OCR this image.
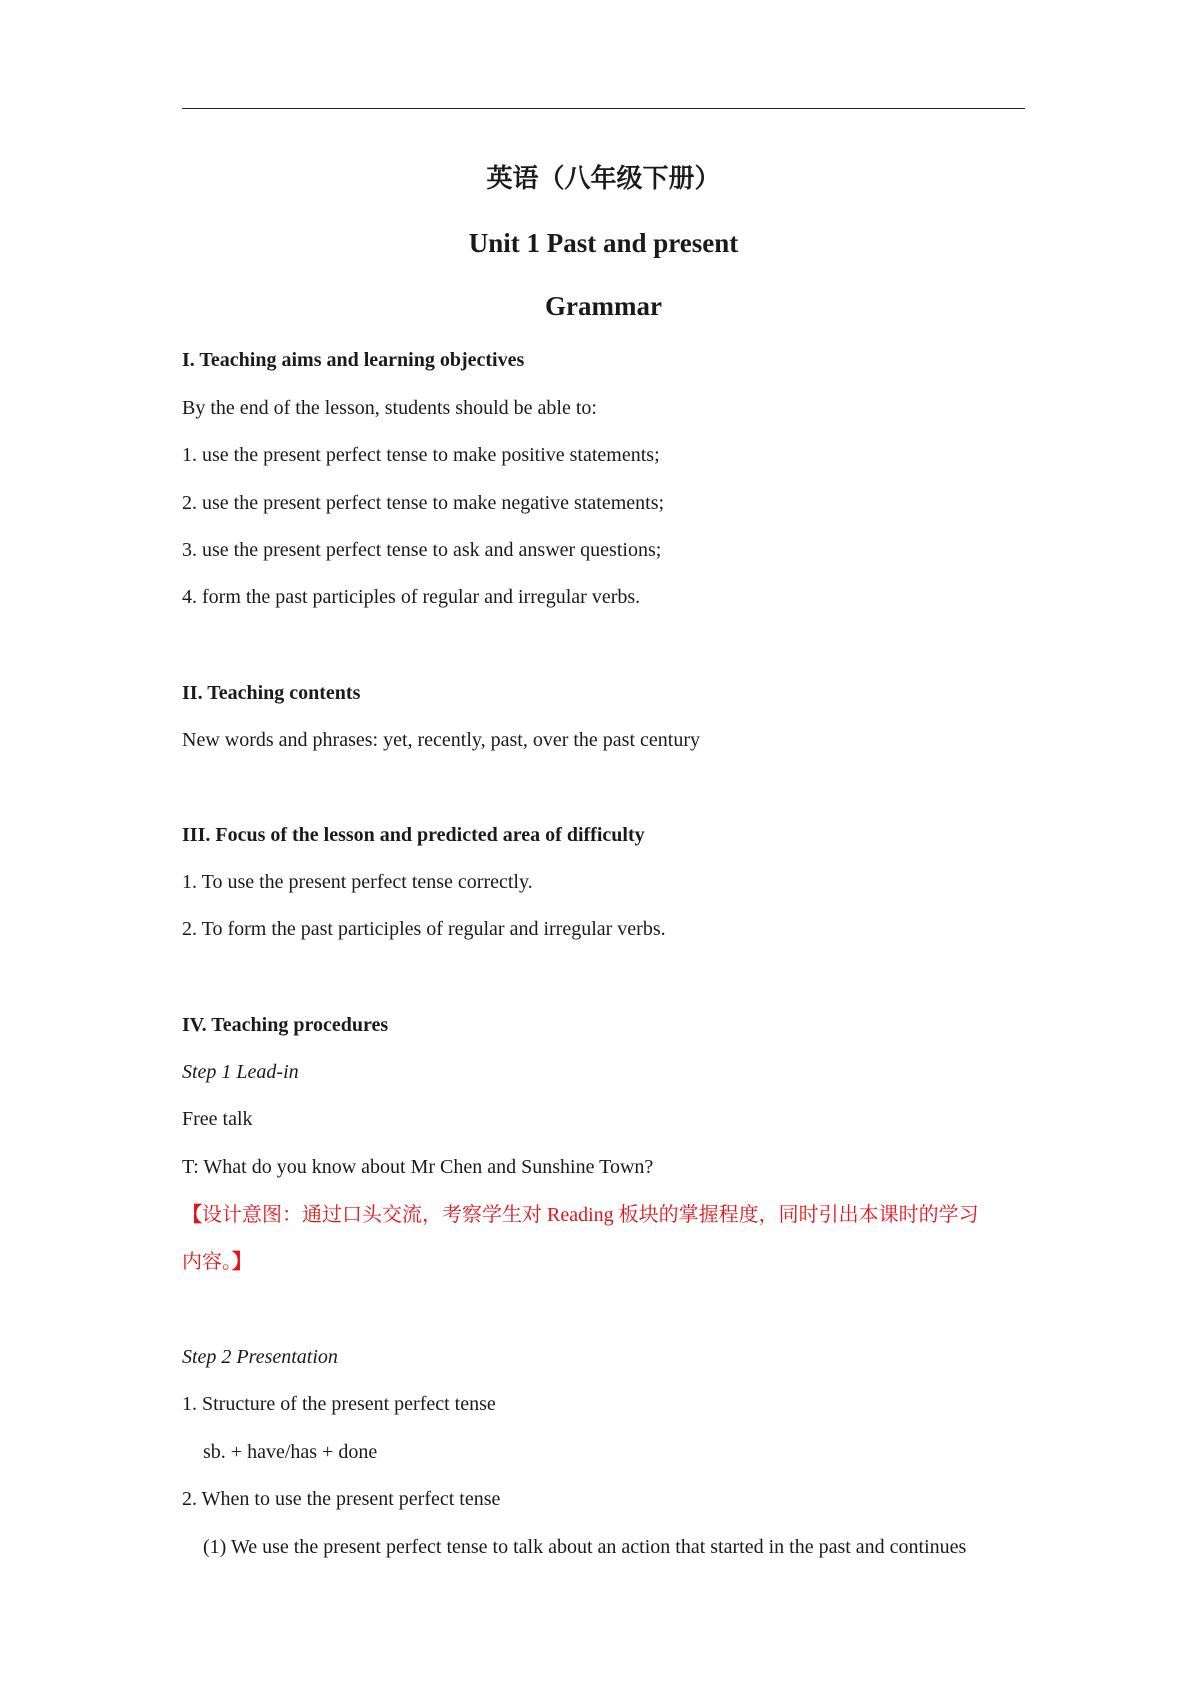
英语（八年级下册）
Unit 1 Past and present
Grammar
I. Teaching aims and learning objectives
By the end of the lesson, students should be able to:
1. use the present perfect tense to make positive statements;
2. use the present perfect tense to make negative statements;
3. use the present perfect tense to ask and answer questions;
4. form the past participles of regular and irregular verbs.
II. Teaching contents
New words and phrases: yet, recently, past, over the past century
III. Focus of the lesson and predicted area of difficulty
1. To use the present perfect tense correctly.
2. To form the past participles of regular and irregular verbs.
IV. Teaching procedures
Step 1 Lead-in
Free talk
T: What do you know about Mr Chen and Sunshine Town?
【设计意图：通过口头交流，考察学生对 Reading 板块的掌握程度，同时引出本课时的学习
内容。】
Step 2 Presentation
1. Structure of the present perfect tense
sb. + have/has + done
2. When to use the present perfect tense
(1) We use the present perfect tense to talk about an action that started in the past and continues
